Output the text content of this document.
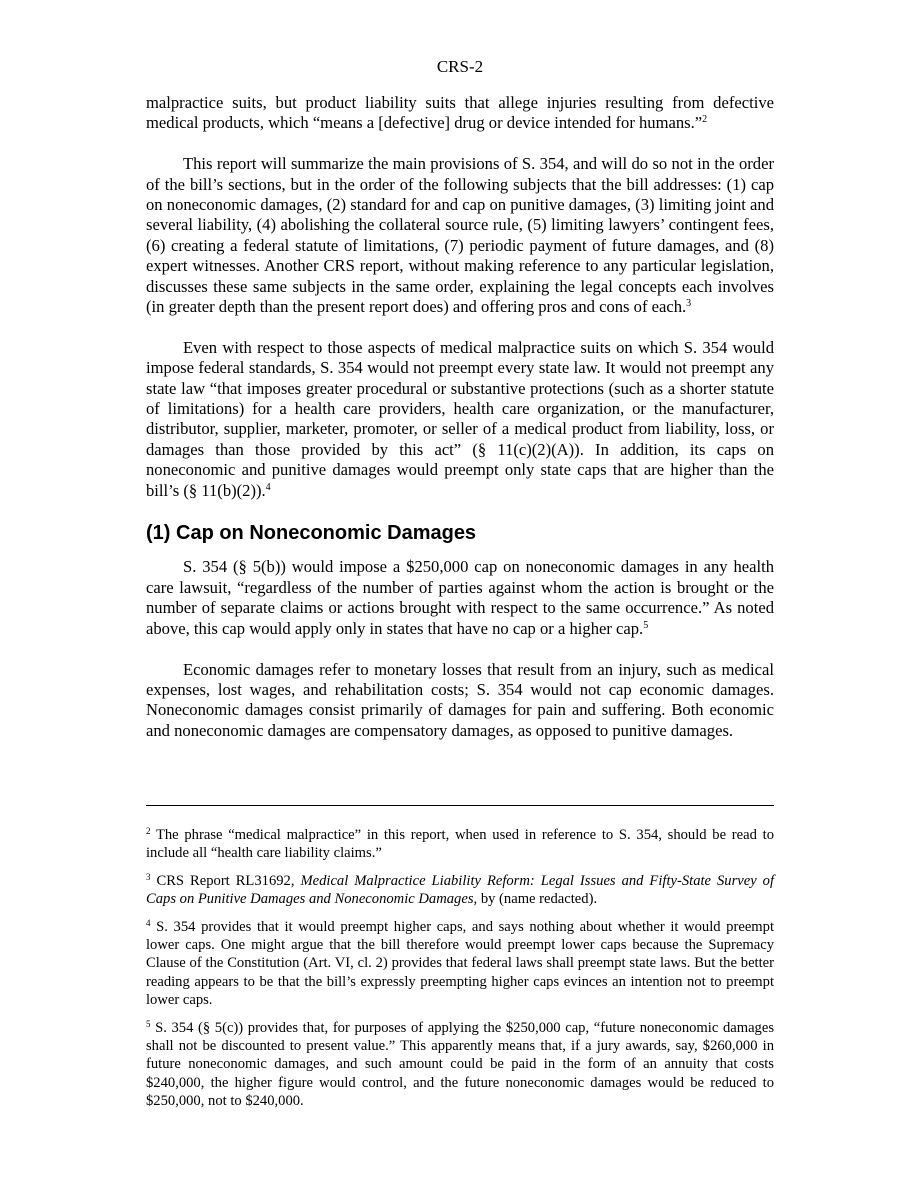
CRS-2

malpractice suits, but product liability suits that allege injuries resulting from defective medical products, which “means a [defective] drug or device intended for humans.”$^2$

This report will summarize the main provisions of S. 354, and will do so not in the order of the bill’s sections, but in the order of the following subjects that the bill addresses: (1) cap on noneconomic damages, (2) standard for and cap on punitive damages, (3) limiting joint and several liability, (4) abolishing the collateral source rule, (5) limiting lawyers’ contingent fees, (6) creating a federal statute of limitations, (7) periodic payment of future damages, and (8) expert witnesses. Another CRS report, without making reference to any particular legislation, discusses these same subjects in the same order, explaining the legal concepts each involves (in greater depth than the present report does) and offering pros and cons of each.$^3$

Even with respect to those aspects of medical malpractice suits on which S. 354 would impose federal standards, S. 354 would not preempt every state law. It would not preempt any state law “that imposes greater procedural or substantive protections (such as a shorter statute of limitations) for a health care providers, health care organization, or the manufacturer, distributor, supplier, marketer, promoter, or seller of a medical product from liability, loss, or damages than those provided by this act” (§ 11(c)(2)(A)). In addition, its caps on noneconomic and punitive damages would preempt only state caps that are higher than the bill’s (§ 11(b)(2)).$^4$

(1) Cap on Noneconomic Damages

S. 354 (§ 5(b)) would impose a $250,000 cap on noneconomic damages in any health care lawsuit, “regardless of the number of parties against whom the action is brought or the number of separate claims or actions brought with respect to the same occurrence.” As noted above, this cap would apply only in states that have no cap or a higher cap.$^5$

Economic damages refer to monetary losses that result from an injury, such as medical expenses, lost wages, and rehabilitation costs; S. 354 would not cap economic damages. Noneconomic damages consist primarily of damages for pain and suffering. Both economic and noneconomic damages are compensatory damages, as opposed to punitive damages.

$^2$ The phrase “medical malpractice” in this report, when used in reference to S. 354, should be read to include all “health care liability claims.”
$^3$ CRS Report RL31692, Medical Malpractice Liability Reform: Legal Issues and Fifty-State Survey of Caps on Punitive Damages and Noneconomic Damages, by (name redacted).
$^4$ S. 354 provides that it would preempt higher caps, and says nothing about whether it would preempt lower caps. One might argue that the bill therefore would preempt lower caps because the Supremacy Clause of the Constitution (Art. VI, cl. 2) provides that federal laws shall preempt state laws. But the better reading appears to be that the bill’s expressly preempting higher caps evinces an intention not to preempt lower caps.
$^5$ S. 354 (§ 5(c)) provides that, for purposes of applying the $250,000 cap, “future noneconomic damages shall not be discounted to present value.” This apparently means that, if a jury awards, say, $260,000 in future noneconomic damages, and such amount could be paid in the form of an annuity that costs $240,000, the higher figure would control, and the future noneconomic damages would be reduced to $250,000, not to $240,000.
